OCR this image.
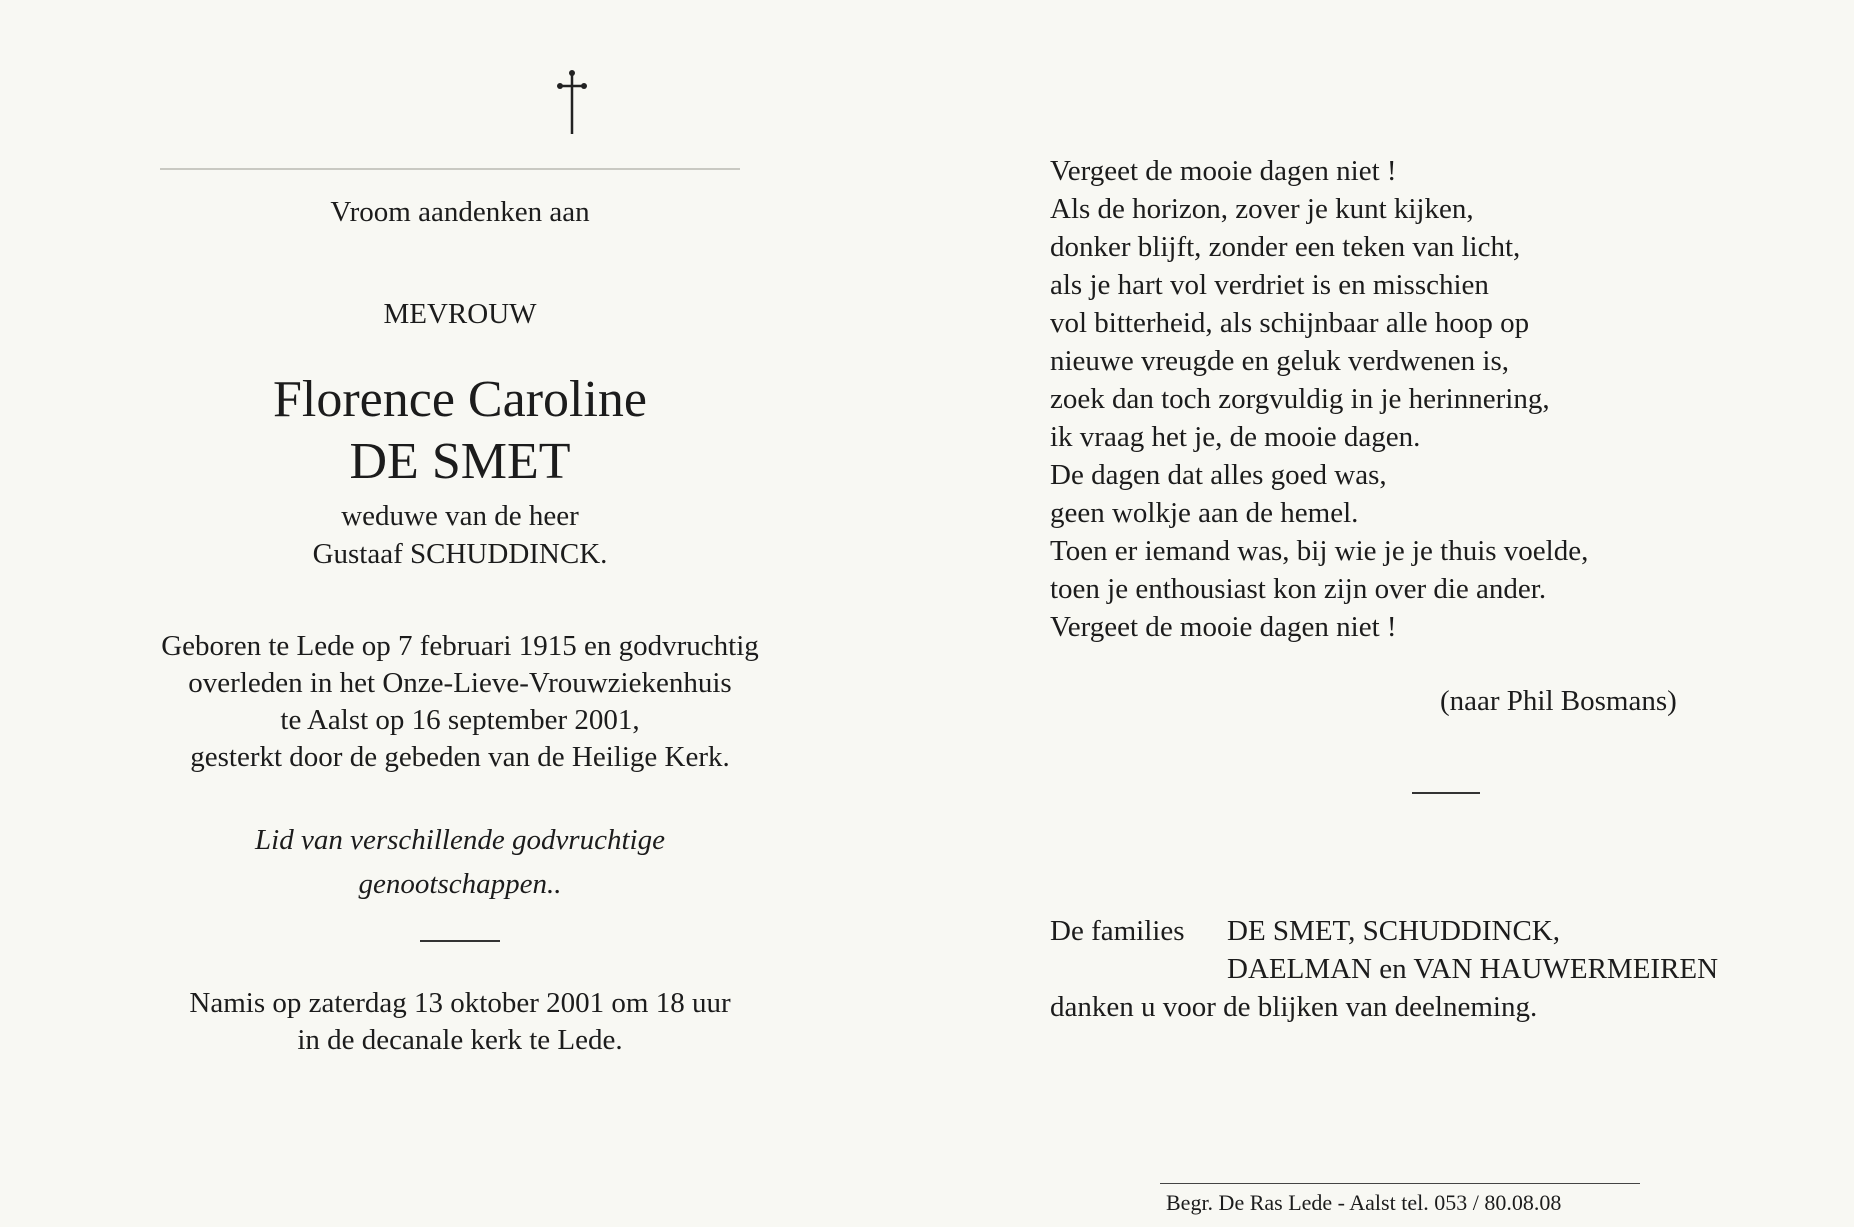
Vroom aandenken aan
MEVROUW
Florence Caroline
DE SMET
weduwe van de heer
Gustaaf SCHUDDINCK.
Geboren te Lede op 7 februari 1915 en godvruchtig
overleden in het Onze-Lieve-Vrouwziekenhuis
te Aalst op 16 september 2001,
gesterkt door de gebeden van de Heilige Kerk.
Lid van verschillende godvruchtige
genootschappen..
Namis op zaterdag 13 oktober 2001 om 18 uur
in de decanale kerk te Lede.
Vergeet de mooie dagen niet !
Als de horizon, zover je kunt kijken,
donker blijft, zonder een teken van licht,
als je hart vol verdriet is en misschien
vol bitterheid, als schijnbaar alle hoop op
nieuwe vreugde en geluk verdwenen is,
zoek dan toch zorgvuldig in je herinnering,
ik vraag het je, de mooie dagen.
De dagen dat alles goed was,
geen wolkje aan de hemel.
Toen er iemand was, bij wie je je thuis voelde,
toen je enthousiast kon zijn over die ander.
Vergeet de mooie dagen niet !
(naar Phil Bosmans)
De families DE SMET, SCHUDDINCK,
DAELMAN en VAN HAUWERMEIREN
danken u voor de blijken van deelneming.
Begr. De Ras Lede - Aalst tel. 053 / 80.08.08
